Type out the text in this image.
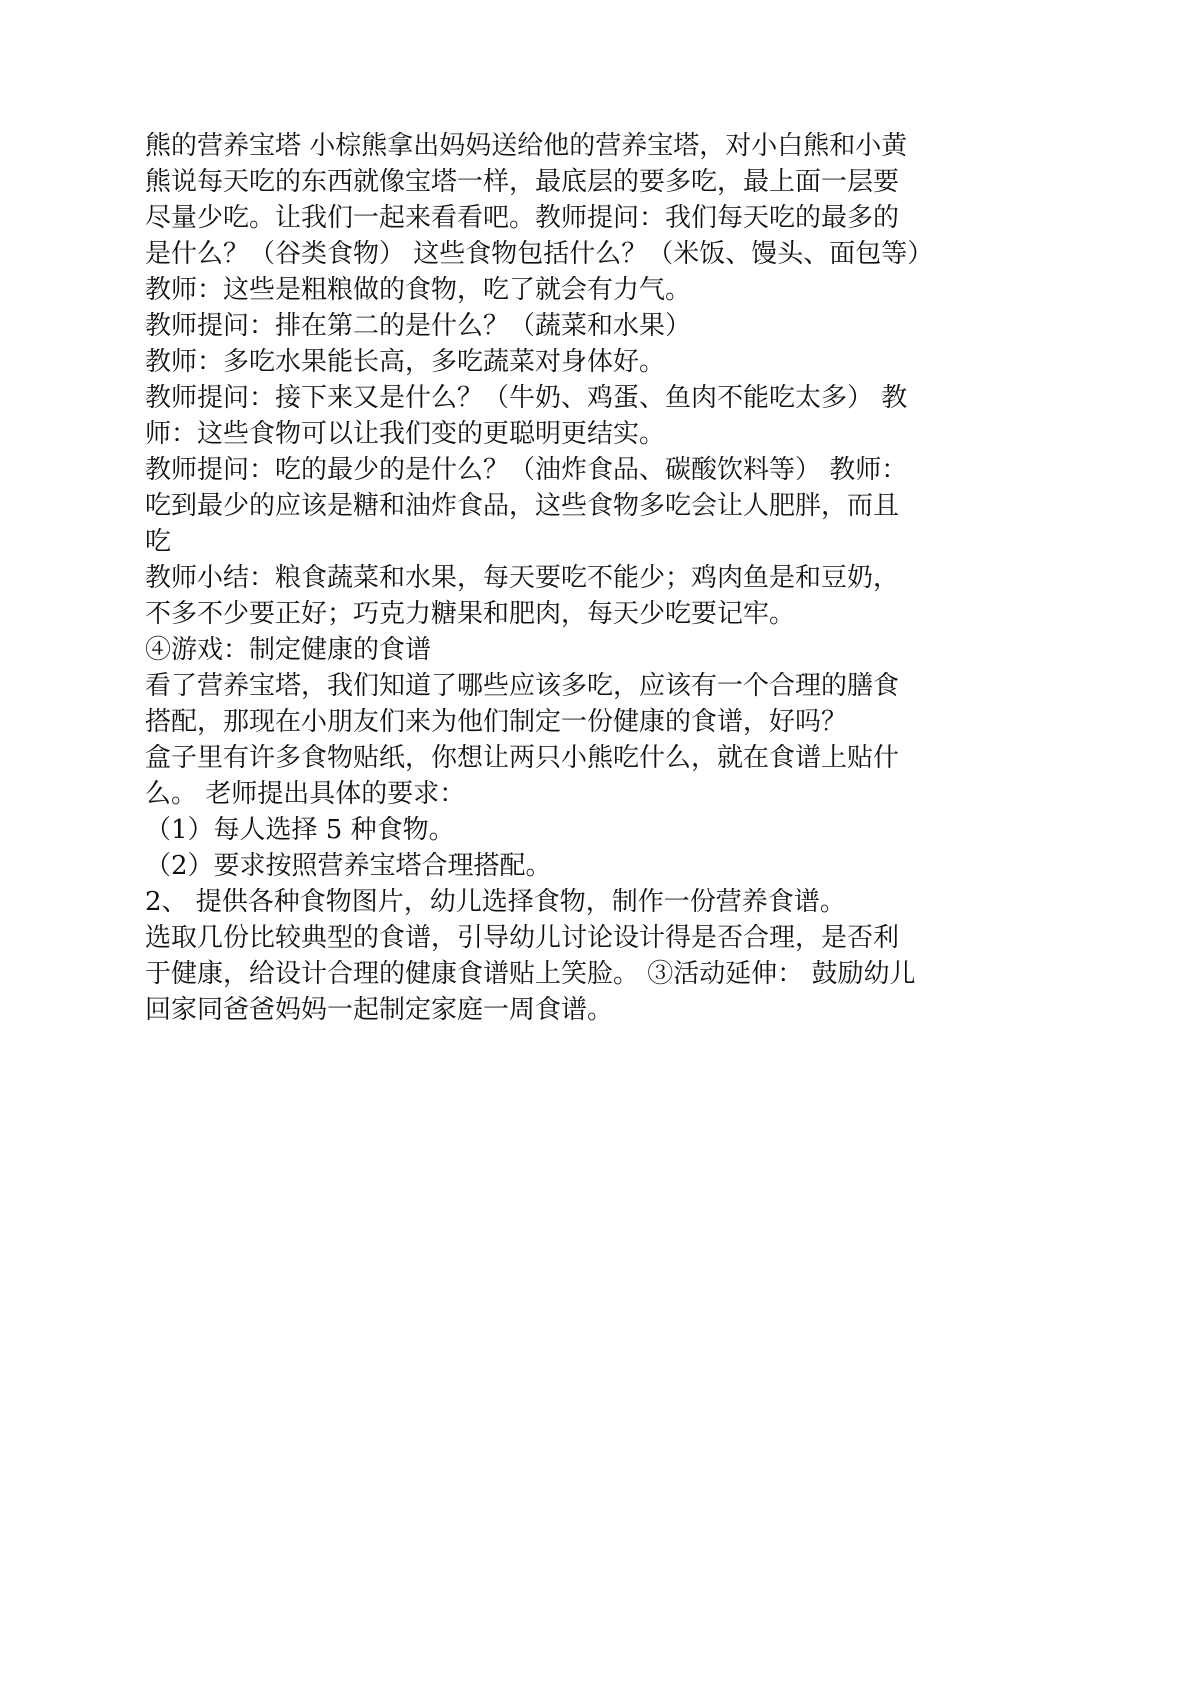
熊的营养宝塔 小棕熊拿出妈妈送给他的营养宝塔，对小白熊和小黄
熊说每天吃的东西就像宝塔一样，最底层的要多吃，最上面一层要
尽量少吃。让我们一起来看看吧。教师提问：我们每天吃的最多的
是什么？（谷类食物） 这些食物包括什么？（米饭、馒头、面包等）
教师：这些是粗粮做的食物，吃了就会有力气。
教师提问：排在第二的是什么？（蔬菜和水果）
教师：多吃水果能长高，多吃蔬菜对身体好。
教师提问：接下来又是什么？（牛奶、鸡蛋、鱼肉不能吃太多） 教
师：这些食物可以让我们变的更聪明更结实。
教师提问：吃的最少的是什么？（油炸食品、碳酸饮料等） 教师：
吃到最少的应该是糖和油炸食品，这些食物多吃会让人肥胖，而且
吃
教师小结：粮食蔬菜和水果，每天要吃不能少；鸡肉鱼是和豆奶，
不多不少要正好；巧克力糖果和肥肉，每天少吃要记牢。
④游戏：制定健康的食谱
看了营养宝塔，我们知道了哪些应该多吃，应该有一个合理的膳食
搭配，那现在小朋友们来为他们制定一份健康的食谱，好吗？
盒子里有许多食物贴纸，你想让两只小熊吃什么，就在食谱上贴什
么。 老师提出具体的要求：
（1）每人选择 5 种食物。
（2）要求按照营养宝塔合理搭配。
2、 提供各种食物图片，幼儿选择食物，制作一份营养食谱。
选取几份比较典型的食谱，引导幼儿讨论设计得是否合理，是否利
于健康，给设计合理的健康食谱贴上笑脸。 ③活动延伸： 鼓励幼儿
回家同爸爸妈妈一起制定家庭一周食谱。
